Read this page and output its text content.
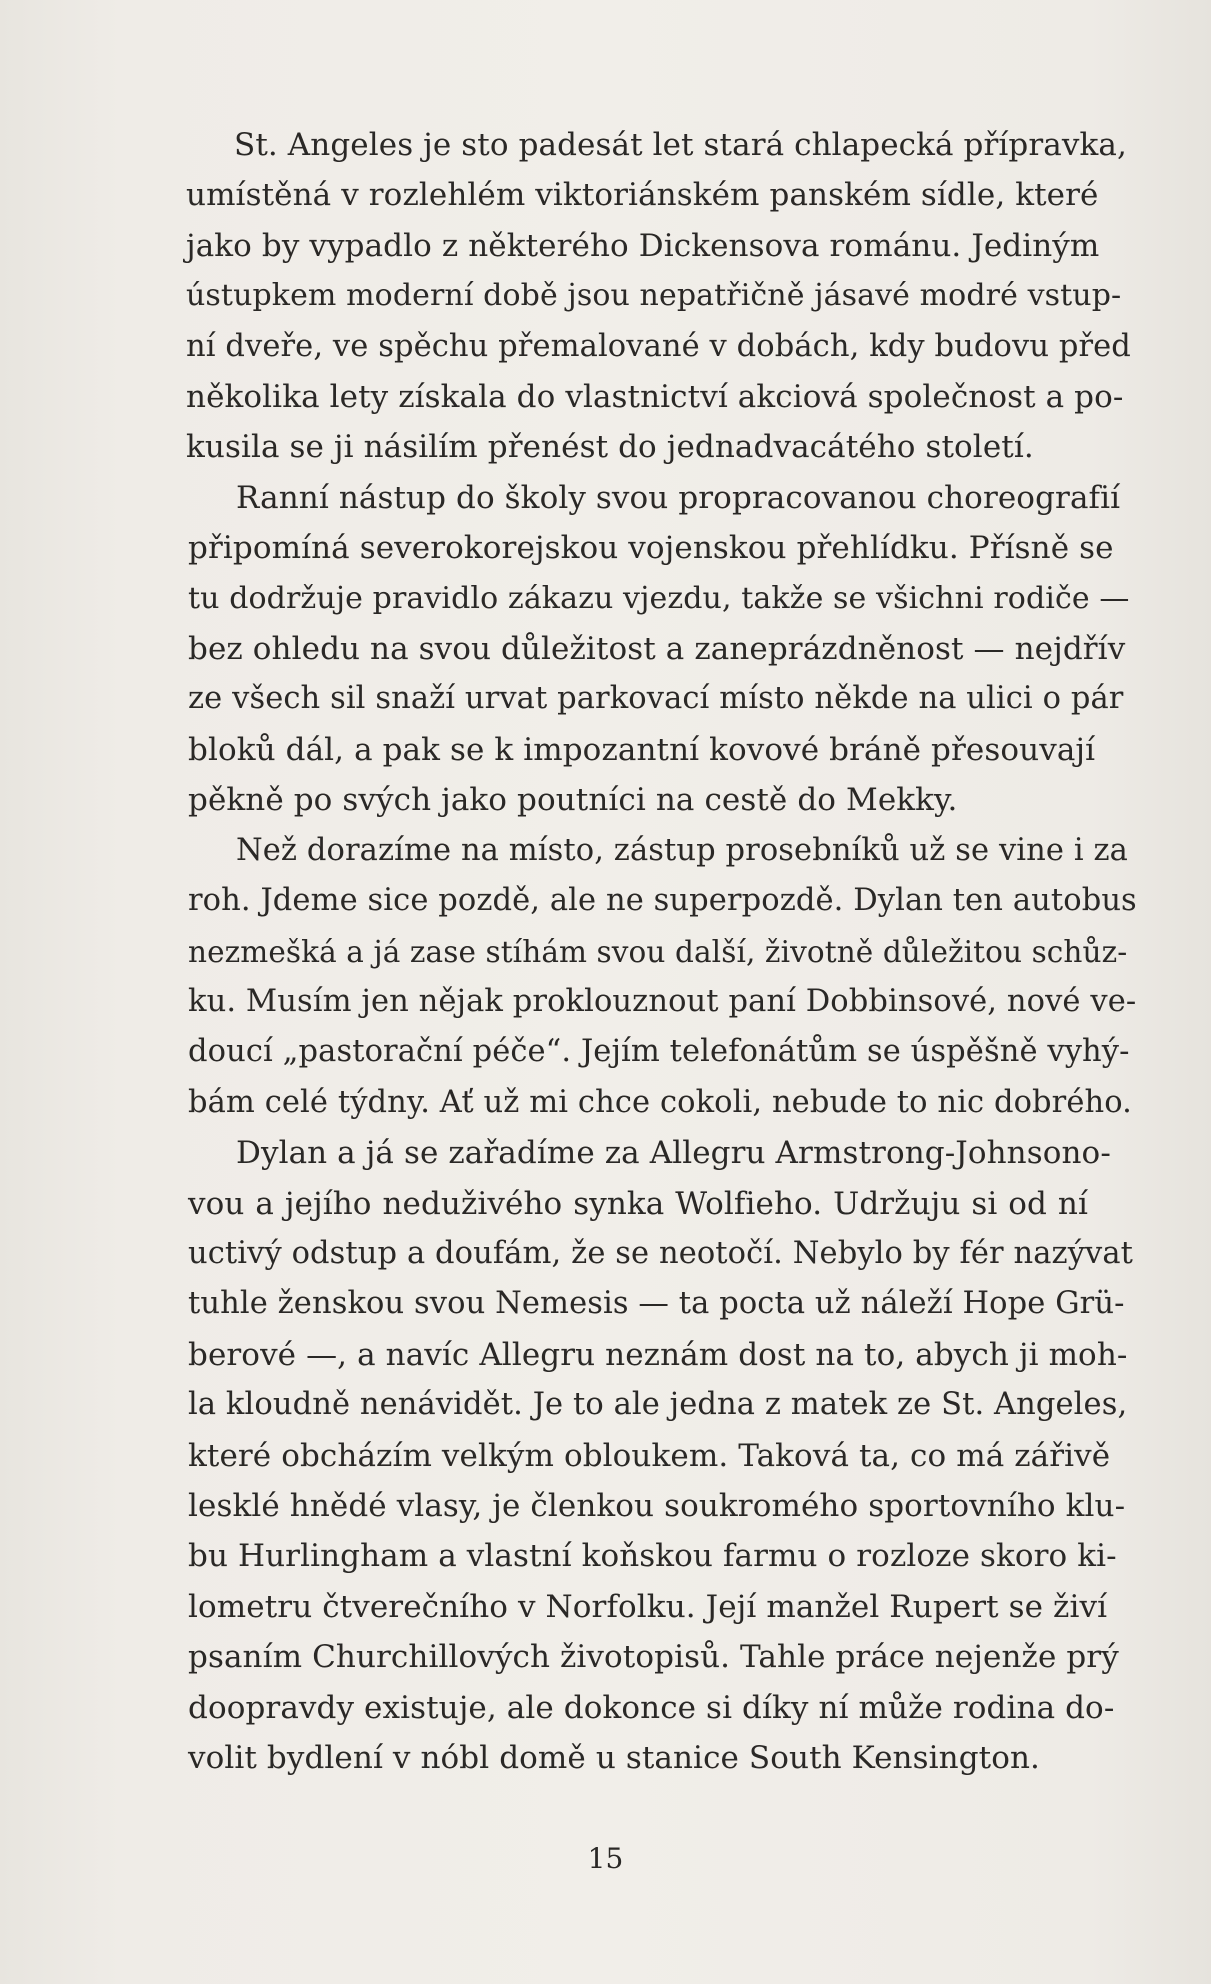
St. Angeles je sto padesát let stará chlapecká přípravka,
umístěná v rozlehlém viktoriánském panském sídle, které
jako by vypadlo z některého Dickensova románu. Jediným
ústupkem moderní době jsou nepatřičně jásavé modré vstup-
ní dveře, ve spěchu přemalované v dobách, kdy budovu před
několika lety získala do vlastnictví akciová společnost a po-
kusila se ji násilím přenést do jednadvacátého století.
Ranní nástup do školy svou propracovanou choreografií
připomíná severokorejskou vojenskou přehlídku. Přísně se
tu dodržuje pravidlo zákazu vjezdu, takže se všichni rodiče —
bez ohledu na svou důležitost a zaneprázdněnost — nejdřív
ze všech sil snaží urvat parkovací místo někde na ulici o pár
bloků dál, a pak se k impozantní kovové bráně přesouvají
pěkně po svých jako poutníci na cestě do Mekky.
Než dorazíme na místo, zástup prosebníků už se vine i za
roh. Jdeme sice pozdě, ale ne superpozdě. Dylan ten autobus
nezmešká a já zase stíhám svou další, životně důležitou schůz-
ku. Musím jen nějak proklouznout paní Dobbinsové, nové ve-
doucí „pastorační péče“. Jejím telefonátům se úspěšně vyhý-
bám celé týdny. Ať už mi chce cokoli, nebude to nic dobrého.
Dylan a já se zařadíme za Allegru Armstrong-Johnsono-
vou a jejího neduživého synka Wolfieho. Udržuju si od ní
uctivý odstup a doufám, že se neotočí. Nebylo by fér nazývat
tuhle ženskou svou Nemesis — ta pocta už náleží Hope Grü-
berové —, a navíc Allegru neznám dost na to, abych ji moh-
la kloudně nenávidět. Je to ale jedna z matek ze St. Angeles,
které obcházím velkým obloukem. Taková ta, co má zářivě
lesklé hnědé vlasy, je členkou soukromého sportovního klu-
bu Hurlingham a vlastní koňskou farmu o rozloze skoro ki-
lometru čtverečního v Norfolku. Její manžel Rupert se živí
psaním Churchillových životopisů. Tahle práce nejenže prý
doopravdy existuje, ale dokonce si díky ní může rodina do-
volit bydlení v nóbl domě u stanice South Kensington.
15
